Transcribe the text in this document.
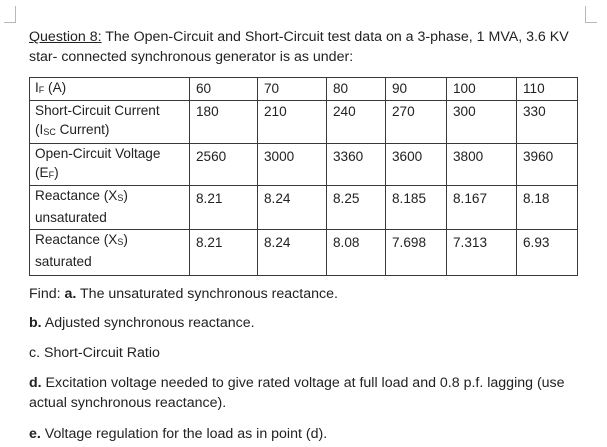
Question 8: The Open-Circuit and Short-Circuit test data on a 3-phase, 1 MVA, 3.6 KV star- connected synchronous generator is as under:
$I_F$ (A)	60	70	80	90	100	110
Short-Circuit Current ($I_{SC}$ Current)	180	210	240	270	300	330
Open-Circuit Voltage $(E_F)$	2560	3000	3360	3600	3800	3960
Reactance $(X_S)$ unsaturated	8.21	8.24	8.25	8.185	8.167	8.18
Reactance $(X_S)$ saturated	8.21	8.24	8.08	7.698	7.313	6.93
Find: a. The unsaturated synchronous reactance.
b. Adjusted synchronous reactance.
c. Short-Circuit Ratio
d. Excitation voltage needed to give rated voltage at full load and 0.8 p.f. lagging (use actual synchronous reactance).
e. Voltage regulation for the load as in point (d).
